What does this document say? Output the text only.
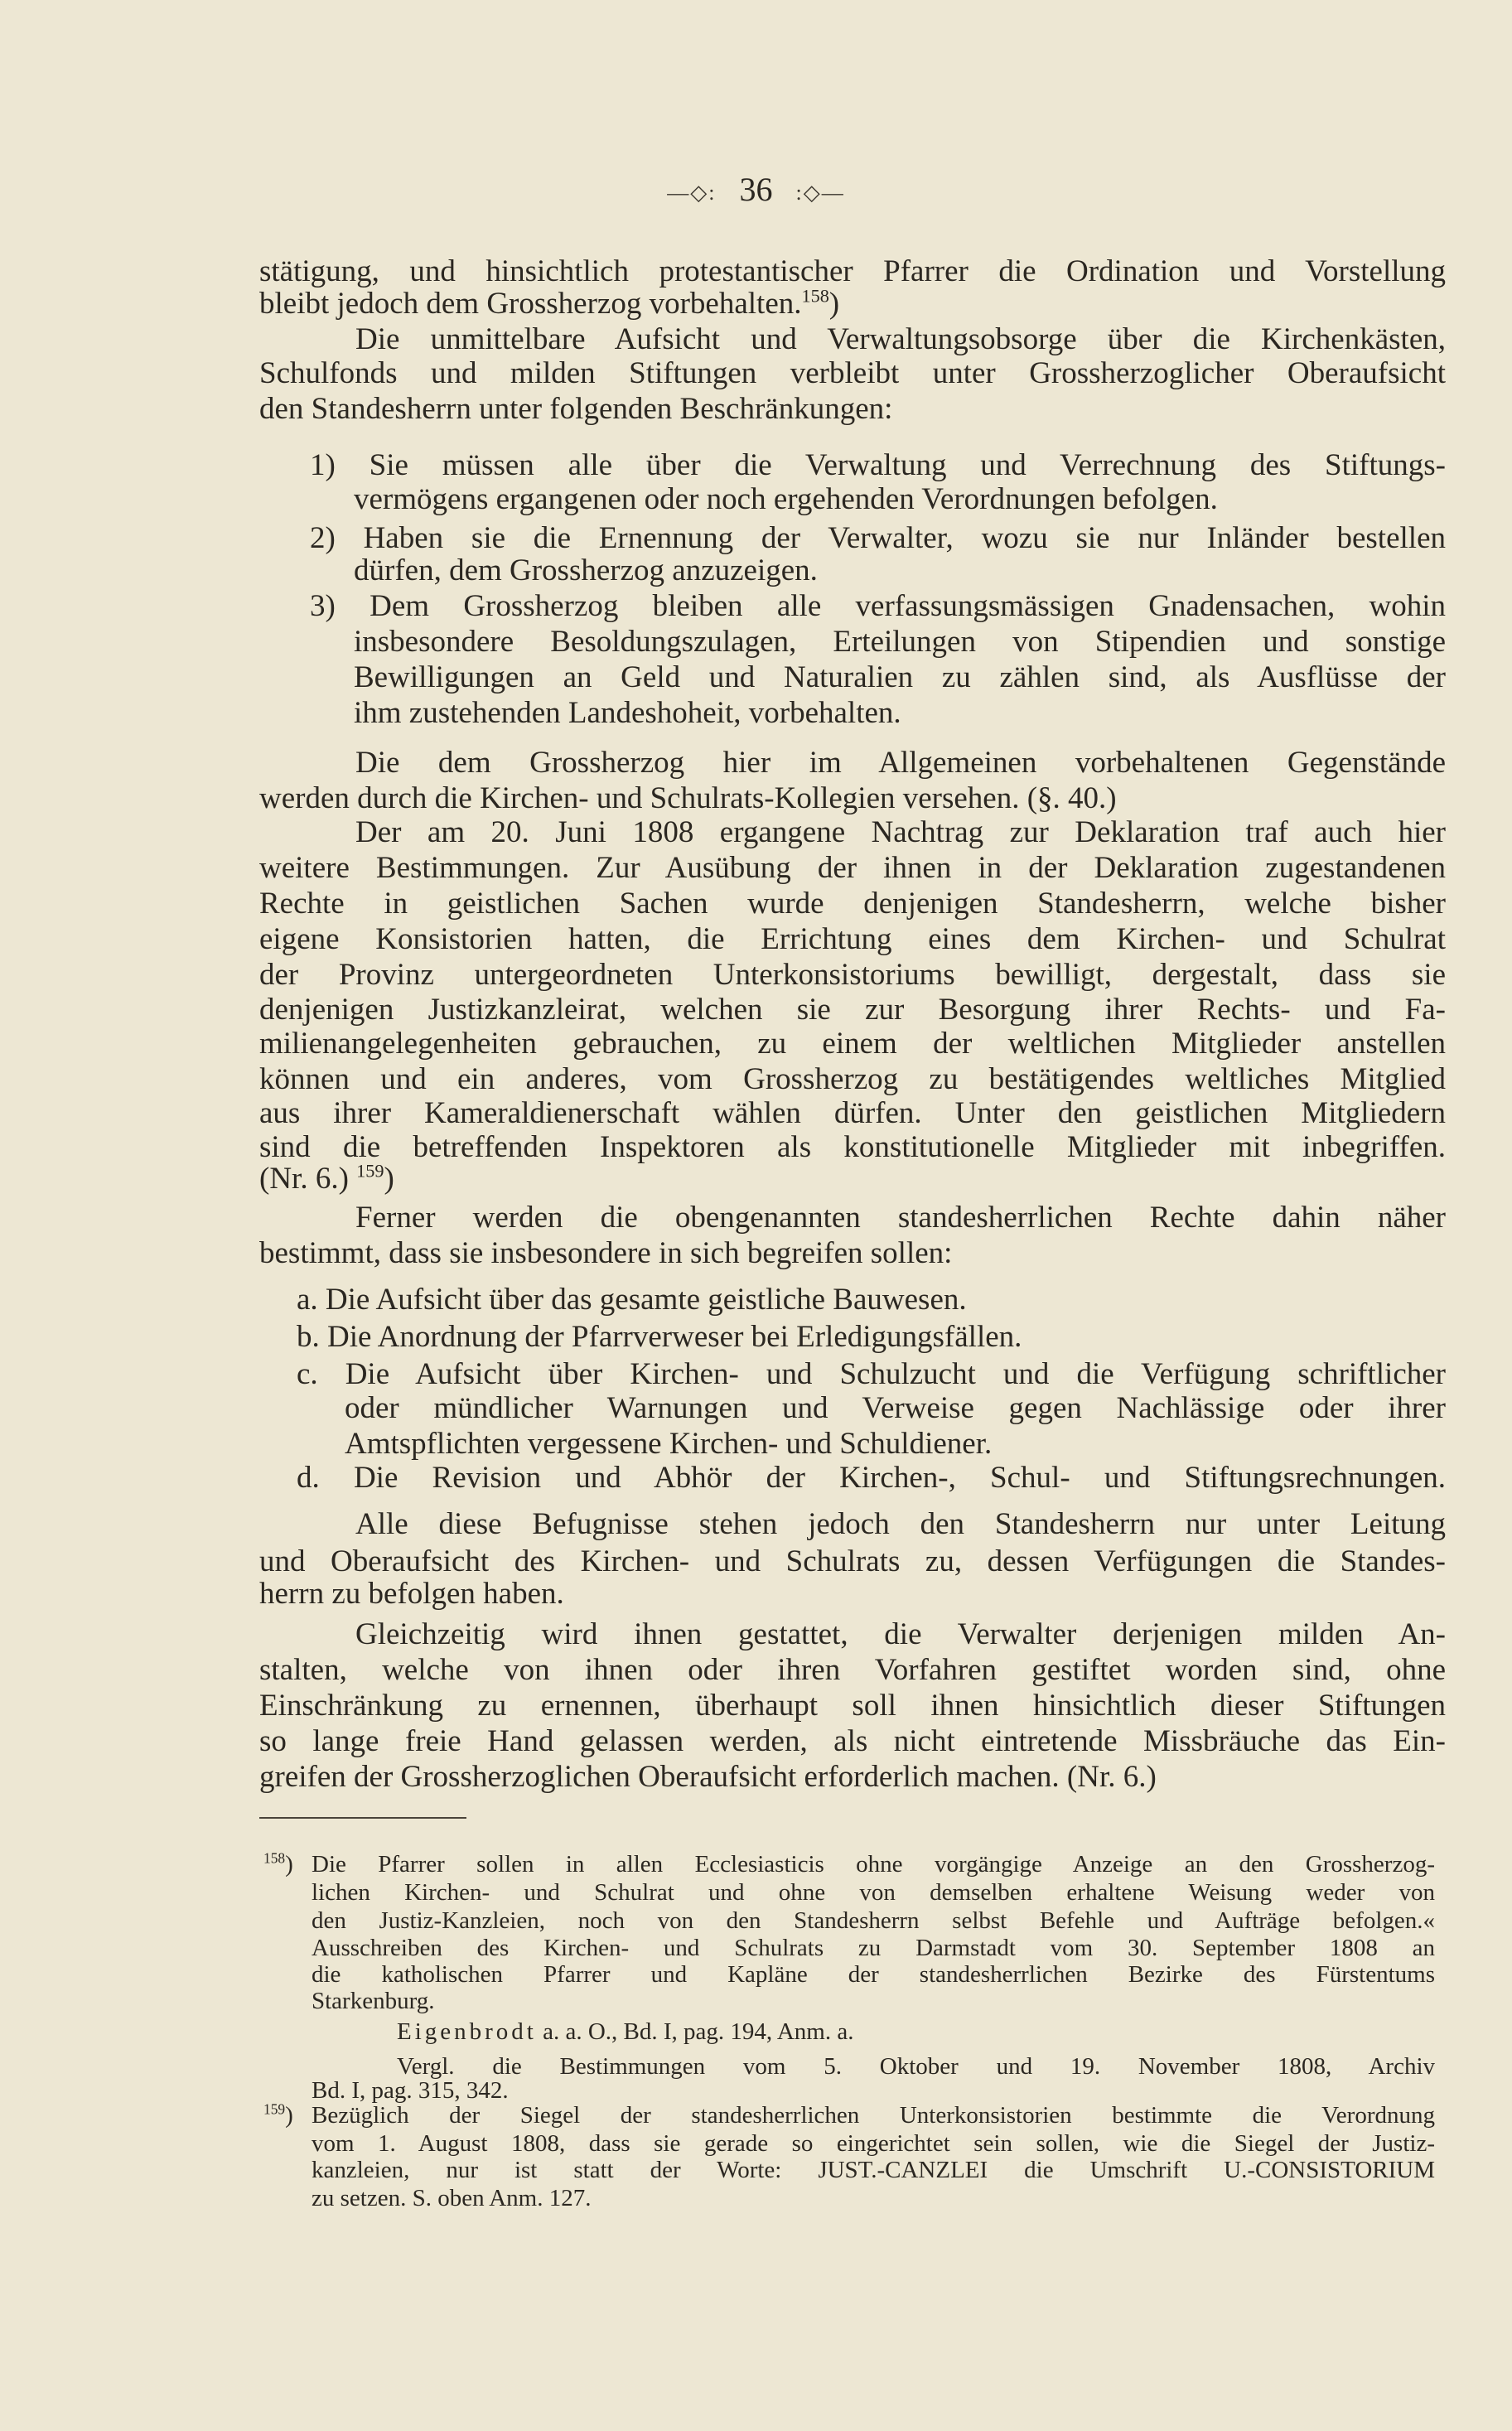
—◇: 36 :◇—
stätigung, und hinsichtlich protestantischer Pfarrer die Ordination und Vorstellung
bleibt jedoch dem Grossherzog vorbehalten.$^{158}$)
Die unmittelbare Aufsicht und Verwaltungsobsorge über die Kirchenkästen,
Schulfonds und milden Stiftungen verbleibt unter Grossherzoglicher Oberaufsicht
den Standesherrn unter folgenden Beschränkungen:
1) Sie müssen alle über die Verwaltung und Verrechnung des Stiftungs-
vermögens ergangenen oder noch ergehenden Verordnungen befolgen.
2) Haben sie die Ernennung der Verwalter, wozu sie nur Inländer bestellen
dürfen, dem Grossherzog anzuzeigen.
3) Dem Grossherzog bleiben alle verfassungsmässigen Gnadensachen, wohin
insbesondere Besoldungszulagen, Erteilungen von Stipendien und sonstige
Bewilligungen an Geld und Naturalien zu zählen sind, als Ausflüsse der
ihm zustehenden Landeshoheit, vorbehalten.
Die dem Grossherzog hier im Allgemeinen vorbehaltenen Gegenstände
werden durch die Kirchen- und Schulrats-Kollegien versehen. (§. 40.)
Der am 20. Juni 1808 ergangene Nachtrag zur Deklaration traf auch hier
weitere Bestimmungen. Zur Ausübung der ihnen in der Deklaration zugestandenen
Rechte in geistlichen Sachen wurde denjenigen Standesherrn, welche bisher
eigene Konsistorien hatten, die Errichtung eines dem Kirchen- und Schulrat
der Provinz untergeordneten Unterkonsistoriums bewilligt, dergestalt, dass sie
denjenigen Justizkanzleirat, welchen sie zur Besorgung ihrer Rechts- und Fa-
milienangelegenheiten gebrauchen, zu einem der weltlichen Mitglieder anstellen
können und ein anderes, vom Grossherzog zu bestätigendes weltliches Mitglied
aus ihrer Kameraldienerschaft wählen dürfen. Unter den geistlichen Mitgliedern
sind die betreffenden Inspektoren als konstitutionelle Mitglieder mit inbegriffen.
(Nr. 6.) $^{159}$)
Ferner werden die obengenannten standesherrlichen Rechte dahin näher
bestimmt, dass sie insbesondere in sich begreifen sollen:
a. Die Aufsicht über das gesamte geistliche Bauwesen.
b. Die Anordnung der Pfarrverweser bei Erledigungsfällen.
c. Die Aufsicht über Kirchen- und Schulzucht und die Verfügung schriftlicher
oder mündlicher Warnungen und Verweise gegen Nachlässige oder ihrer
Amtspflichten vergessene Kirchen- und Schuldiener.
d. Die Revision und Abhör der Kirchen-, Schul- und Stiftungsrechnungen.
Alle diese Befugnisse stehen jedoch den Standesherrn nur unter Leitung
und Oberaufsicht des Kirchen- und Schulrats zu, dessen Verfügungen die Standes-
herrn zu befolgen haben.
Gleichzeitig wird ihnen gestattet, die Verwalter derjenigen milden An-
stalten, welche von ihnen oder ihren Vorfahren gestiftet worden sind, ohne
Einschränkung zu ernennen, überhaupt soll ihnen hinsichtlich dieser Stiftungen
so lange freie Hand gelassen werden, als nicht eintretende Missbräuche das Ein-
greifen der Grossherzoglichen Oberaufsicht erforderlich machen. (Nr. 6.)
Die Pfarrer sollen in allen Ecclesiasticis ohne vorgängige Anzeige an den Grossherzog-
$^{158}$)
lichen Kirchen- und Schulrat und ohne von demselben erhaltene Weisung weder von
den Justiz-Kanzleien, noch von den Standesherrn selbst Befehle und Aufträge befolgen.«
Ausschreiben des Kirchen- und Schulrats zu Darmstadt vom 30. September 1808 an
die katholischen Pfarrer und Kapläne der standesherrlichen Bezirke des Fürstentums
Starkenburg.
Eigenbrodt a. a. O., Bd. I, pag. 194, Anm. a.
Vergl. die Bestimmungen vom 5. Oktober und 19. November 1808, Archiv
Bd. I, pag. 315, 342.
Bezüglich der Siegel der standesherrlichen Unterkonsistorien bestimmte die Verordnung
$^{159}$)
vom 1. August 1808, dass sie gerade so eingerichtet sein sollen, wie die Siegel der Justiz-
kanzleien, nur ist statt der Worte: JUST.-CANZLEI die Umschrift U.-CONSISTORIUM
zu setzen. S. oben Anm. 127.
